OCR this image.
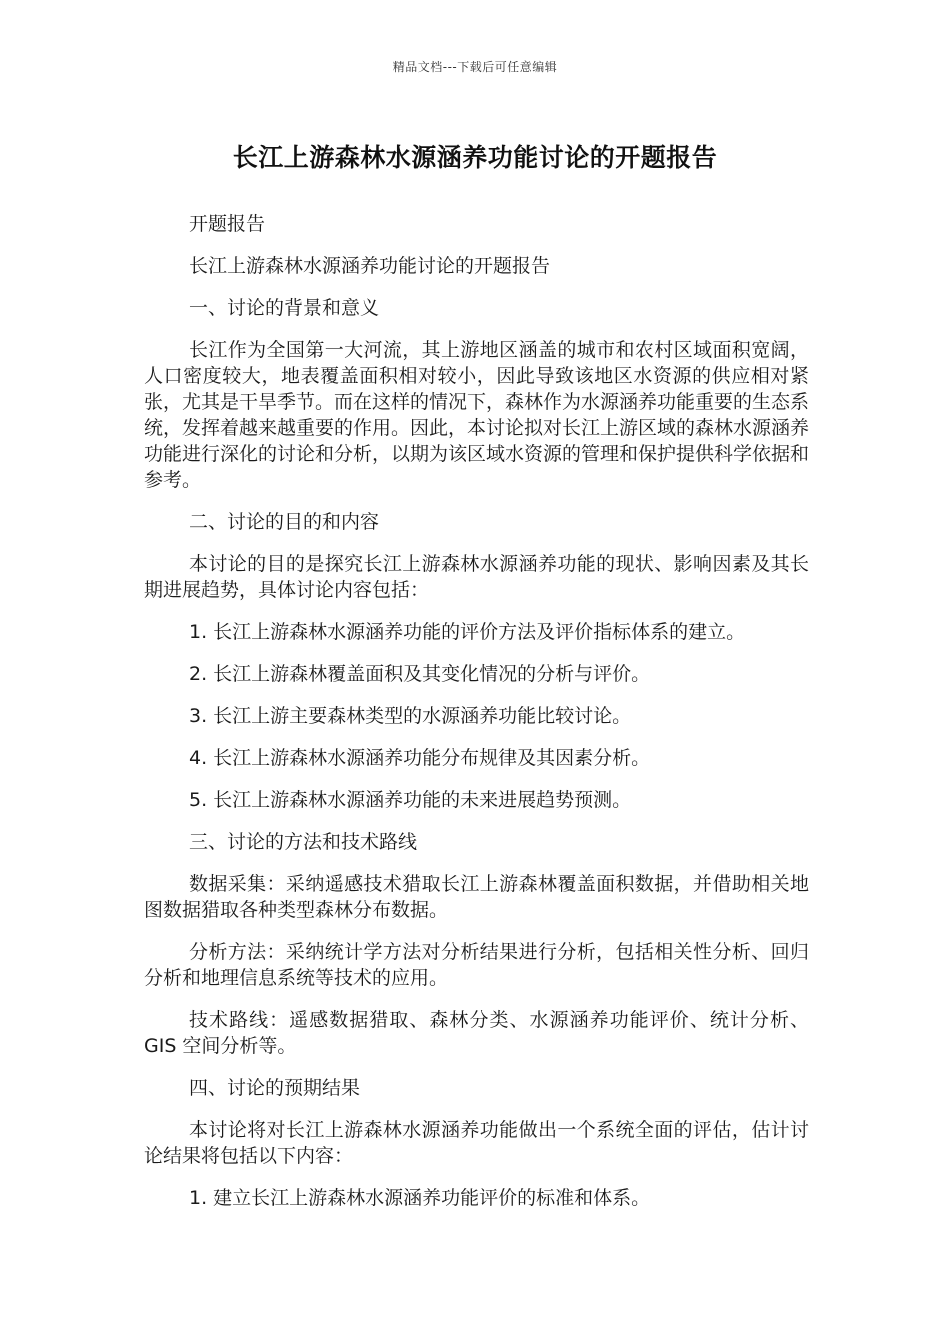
精品文档---下载后可任意编辑
长江上游森林水源涵养功能讨论的开题报告

开题报告

长江上游森林水源涵养功能讨论的开题报告

一、讨论的背景和意义

长江作为全国第一大河流，其上游地区涵盖的城市和农村区域面积宽阔，人口密度较大，地表覆盖面积相对较小，因此导致该地区水资源的供应相对紧张，尤其是干旱季节。而在这样的情况下，森林作为水源涵养功能重要的生态系统，发挥着越来越重要的作用。因此，本讨论拟对长江上游区域的森林水源涵养功能进行深化的讨论和分析，以期为该区域水资源的管理和保护提供科学依据和参考。

二、讨论的目的和内容

本讨论的目的是探究长江上游森林水源涵养功能的现状、影响因素及其长期进展趋势，具体讨论内容包括：

1. 长江上游森林水源涵养功能的评价方法及评价指标体系的建立。

2. 长江上游森林覆盖面积及其变化情况的分析与评价。

3. 长江上游主要森林类型的水源涵养功能比较讨论。

4. 长江上游森林水源涵养功能分布规律及其因素分析。

5. 长江上游森林水源涵养功能的未来进展趋势预测。

三、讨论的方法和技术路线

数据采集：采纳遥感技术猎取长江上游森林覆盖面积数据，并借助相关地图数据猎取各种类型森林分布数据。

分析方法：采纳统计学方法对分析结果进行分析，包括相关性分析、回归分析和地理信息系统等技术的应用。

技术路线：遥感数据猎取、森林分类、水源涵养功能评价、统计分析、GIS 空间分析等。

四、讨论的预期结果

本讨论将对长江上游森林水源涵养功能做出一个系统全面的评估，估计讨论结果将包括以下内容：

1. 建立长江上游森林水源涵养功能评价的标准和体系。
